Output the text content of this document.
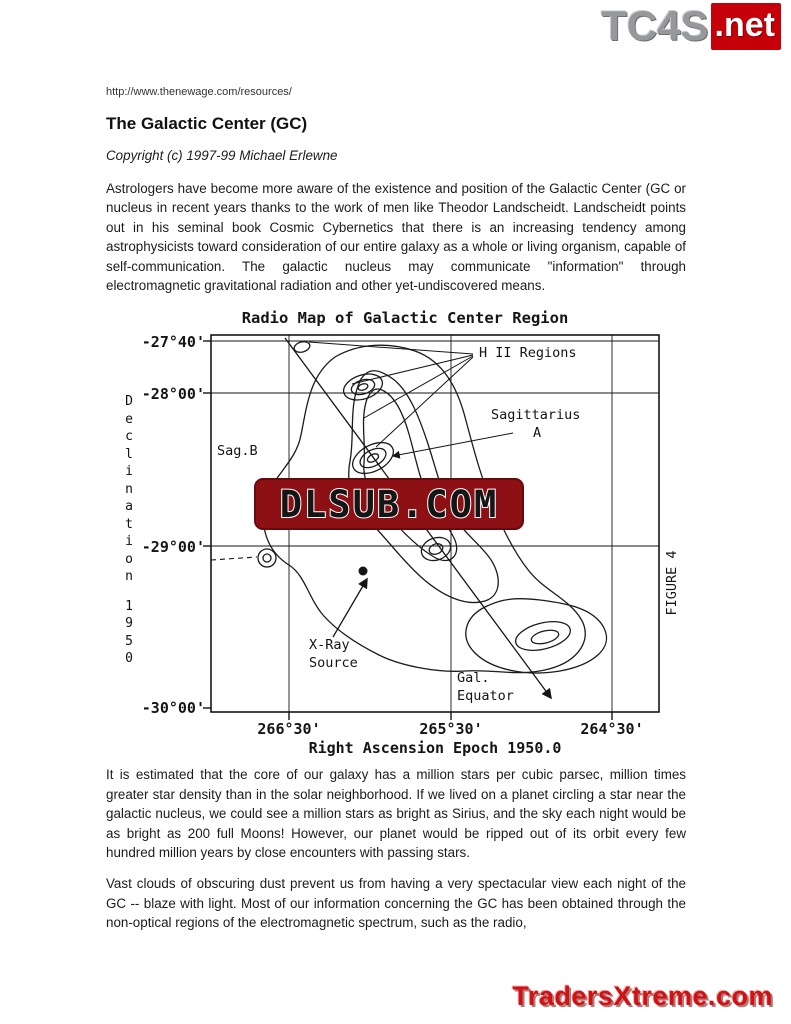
TC4S .net
http://www.thenewage.com/resources/
The Galactic Center (GC)
Copyright (c) 1997-99 Michael Erlewne

Astrologers have become more aware of the existence and position of the Galactic Center (GC or nucleus in recent years thanks to the work of men like Theodor Landscheidt. Landscheidt points out in his seminal book Cosmic Cybernetics that there is an increasing tendency among astrophysicists toward consideration of our entire galaxy as a whole or living organism, capable of self-communication. The galactic nucleus may communicate "information" through electromagnetic gravitational radiation and other yet-undiscovered means.

D
e
c
l
i
n
a
t
i
o
n
1
9
5
0
Radio Map of Galactic Center Region
H II Regions
Sagittarius
A
Sag.B
X-Ray
Source
Gal.
Equator
FIGURE 4
-27°40'
-28°00'
-29°00'
-30°00'
266°30'	265°30'	264°30'
Right Ascension Epoch 1950.0
DLSUB.COM

It is estimated that the core of our galaxy has a million stars per cubic parsec, million times greater star density than in the solar neighborhood. If we lived on a planet circling a star near the galactic nucleus, we could see a million stars as bright as Sirius, and the sky each night would be as bright as 200 full Moons! However, our planet would be ripped out of its orbit every few hundred million years by close encounters with passing stars.

Vast clouds of obscuring dust prevent us from having a very spectacular view each night of the GC -- blaze with light. Most of our information concerning the GC has been obtained through the non-optical regions of the electromagnetic spectrum, such as the radio,

TradersXtreme.com
